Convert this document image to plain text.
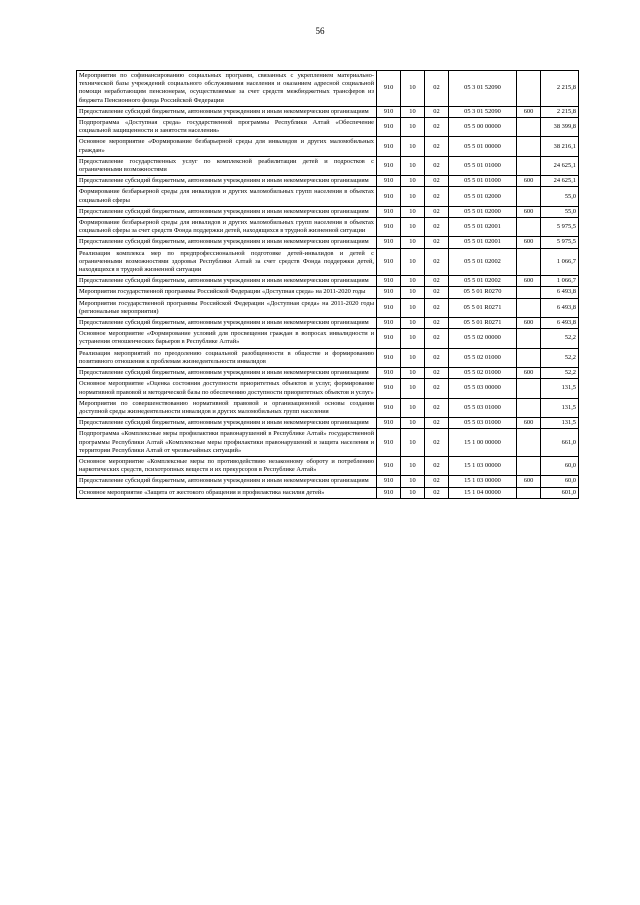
56
Мероприятия по софинансированию социальных программ, связанных с укреплением материально-технической базы учреждений социального обслуживания населения и оказанием адресной социальной помощи неработающим пенсионерам, осуществляемые за счет средств межбюджетных трансферов из бюджета Пенсионного фонда Российской Федерации	910	10	02	05 3 01 52090		2 215,8
Предоставление субсидий бюджетным, автономным учреждениям и иным некоммерческим организациям	910	10	02	05 3 01 52090	600	2 215,8
Подпрограмма «Доступная среда» государственной программы Республики Алтай «Обеспечение социальной защищенности и занятости населения»	910	10	02	05 5 00 00000		38 399,8
Основное мероприятие «Формирование безбарьерной среды для инвалидов и других маломобильных граждан»	910	10	02	05 5 01 00000		38 216,1
Предоставление государственных услуг по комплексной реабилитации детей и подростков с ограниченными возможностями	910	10	02	05 5 01 01000		24 625,1
Предоставление субсидий бюджетным, автономным учреждениям и иным некоммерческим организациям	910	10	02	05 5 01 01000	600	24 625,1
Формирование безбарьерной среды для инвалидов и других маломобильных групп населения в объектах социальной сферы	910	10	02	05 5 01 02000		55,0
Предоставление субсидий бюджетным, автономным учреждениям и иным некоммерческим организациям	910	10	02	05 5 01 02000	600	55,0
Формирование безбарьерной среды для инвалидов и других маломобильных групп населения в объектах социальной сферы за счет средств Фонда поддержки детей, находящихся в трудной жизненной ситуации	910	10	02	05 5 01 02001		5 975,5
Предоставление субсидий бюджетным, автономным учреждениям и иным некоммерческим организациям	910	10	02	05 5 01 02001	600	5 975,5
Реализация комплекса мер по предпрофессиональной подготовке детей-инвалидов и детей с ограниченными возможностями здоровья Республики Алтай за счет средств Фонда поддержки детей, находящихся в трудной жизненной ситуации	910	10	02	05 5 01 02002		1 066,7
Предоставление субсидий бюджетным, автономным учреждениям и иным некоммерческим организациям	910	10	02	05 5 01 02002	600	1 066,7
Мероприятия государственной программы Российской Федерации «Доступная среда» на 2011-2020 годы	910	10	02	05 5 01 R0270		6 493,8
Мероприятия государственной программы Российской Федерации «Доступная среда» на 2011-2020 годы (региональные мероприятия)	910	10	02	05 5 01 R0271		6 493,8
Предоставление субсидий бюджетным, автономным учреждениям и иным некоммерческим организациям	910	10	02	05 5 01 R0271	600	6 493,8
Основное мероприятие «Формирование условий для просвещения граждан в вопросах инвалидности и устранения отношенческих барьеров в Республике Алтай»	910	10	02	05 5 02 00000		52,2
Реализация мероприятий по преодолению социальной разобщенности в обществе и формированию позитивного отношения к проблемам жизнедеятельности инвалидов	910	10	02	05 5 02 01000		52,2
Предоставление субсидий бюджетным, автономным учреждениям и иным некоммерческим организациям	910	10	02	05 5 02 01000	600	52,2
Основное мероприятие «Оценка состояния доступности приоритетных объектов и услуг, формирование нормативной правовой и методической базы по обеспечению доступности приоритетных объектов и услуг»	910	10	02	05 5 03 00000		131,5
Мероприятия по совершенствованию нормативной правовой и организационной основы создания доступной среды жизнедеятельности инвалидов и других маломобильных групп населения	910	10	02	05 5 03 01000		131,5
Предоставление субсидий бюджетным, автономным учреждениям и иным некоммерческим организациям	910	10	02	05 5 03 01000	600	131,5
Подпрограмма «Комплексные меры профилактики правонарушений в Республике Алтай» государственной программы Республики Алтай «Комплексные меры профилактики правонарушений и защита населения и территории Республики Алтай от чрезвычайных ситуаций»	910	10	02	15 1 00 00000		661,0
Основное мероприятие «Комплексные меры по противодействию незаконному обороту и потреблению наркотических средств, психотропных веществ и их прекурсоров в Республике Алтай»	910	10	02	15 1 03 00000		60,0
Предоставление субсидий бюджетным, автономным учреждениям и иным некоммерческим организациям	910	10	02	15 1 03 00000	600	60,0
Основное мероприятие «Защита от жестокого обращения и профилактика насилия детей»	910	10	02	15 1 04 00000		601,0
